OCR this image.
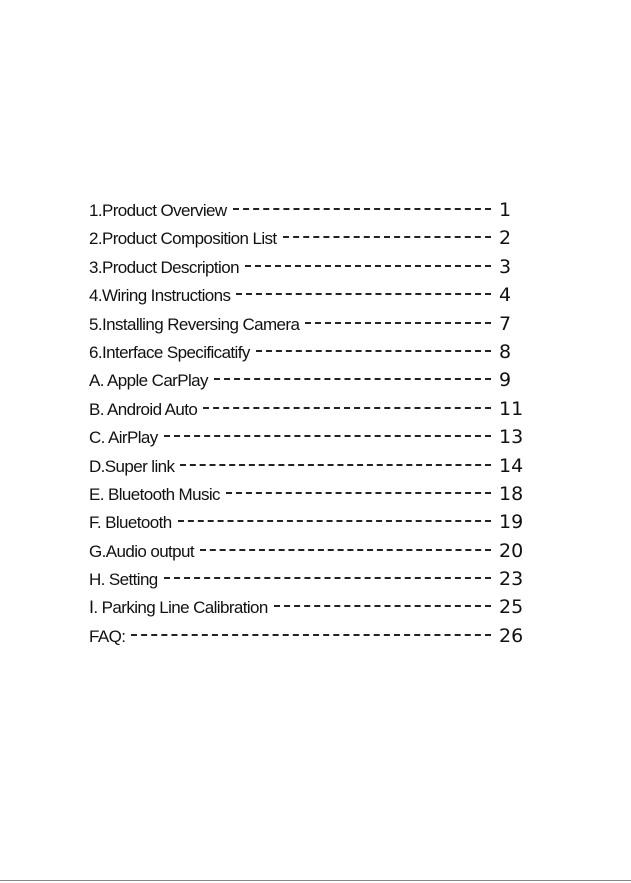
1.Product Overview	1
2.Product Composition List	2
3.Product Description	3
4.Wiring Instructions	4
5.Installing Reversing Camera	7
6.Interface Specificatify	8
A. Apple CarPlay	9
B. Android Auto	11
C. AirPlay	13
D.Super link	14
E. Bluetooth Music	18
F. Bluetooth	19
G.Audio output	20
H. Setting	23
Ⅰ. Parking Line Calibration	25
FAQ:	26
